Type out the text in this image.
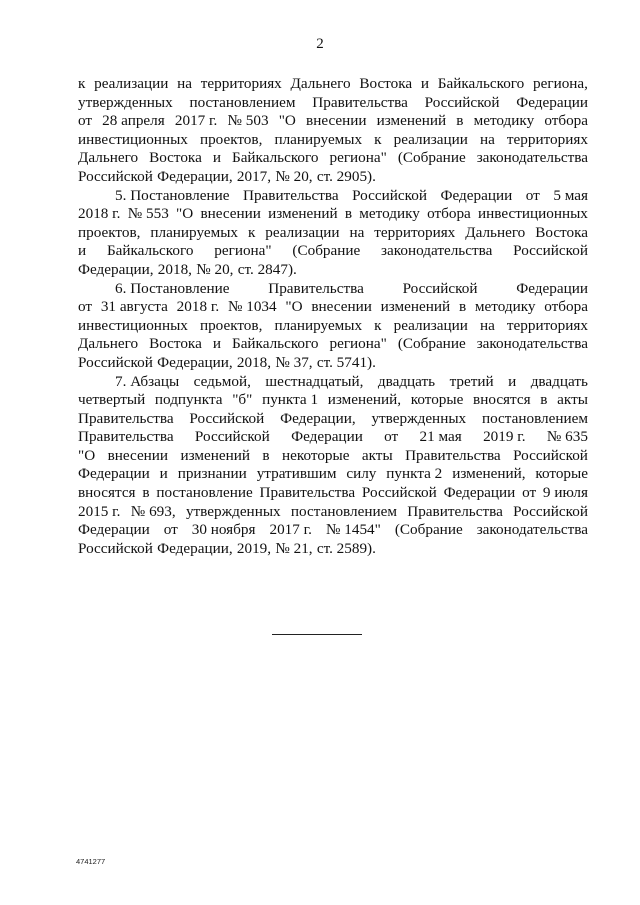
2
к реализации на территориях Дальнего Востока и Байкальского региона,
утвержденных постановлением Правительства Российской Федерации
от 28 апреля 2017 г. № 503 "О внесении изменений в методику отбора
инвестиционных проектов, планируемых к реализации на территориях
Дальнего Востока и Байкальского региона" (Собрание законодательства
Российской Федерации, 2017, № 20, ст. 2905).
5. Постановление Правительства Российской Федерации от 5 мая
2018 г. № 553 "О внесении изменений в методику отбора инвестиционных
проектов, планируемых к реализации на территориях Дальнего Востока
и Байкальского региона" (Собрание законодательства Российской
Федерации, 2018, № 20, ст. 2847).
6. Постановление	Правительства	Российской	Федерации
от 31 августа 2018 г. № 1034 "О внесении изменений в методику отбора
инвестиционных проектов, планируемых к реализации на территориях
Дальнего Востока и Байкальского региона" (Собрание законодательства
Российской Федерации, 2018, № 37, ст. 5741).
7. Абзацы седьмой, шестнадцатый, двадцать третий и двадцать
четвертый подпункта "б" пункта 1 изменений, которые вносятся в акты
Правительства Российской Федерации, утвержденных постановлением
Правительства Российской Федерации от 21 мая 2019 г. № 635
"О внесении изменений в некоторые акты Правительства Российской
Федерации и признании утратившим силу пункта 2 изменений, которые
вносятся в постановление Правительства Российской Федерации от 9 июля
2015 г. № 693, утвержденных постановлением Правительства Российской
Федерации от 30 ноября 2017 г. № 1454" (Собрание законодательства
Российской Федерации, 2019, № 21, ст. 2589).
4741277
